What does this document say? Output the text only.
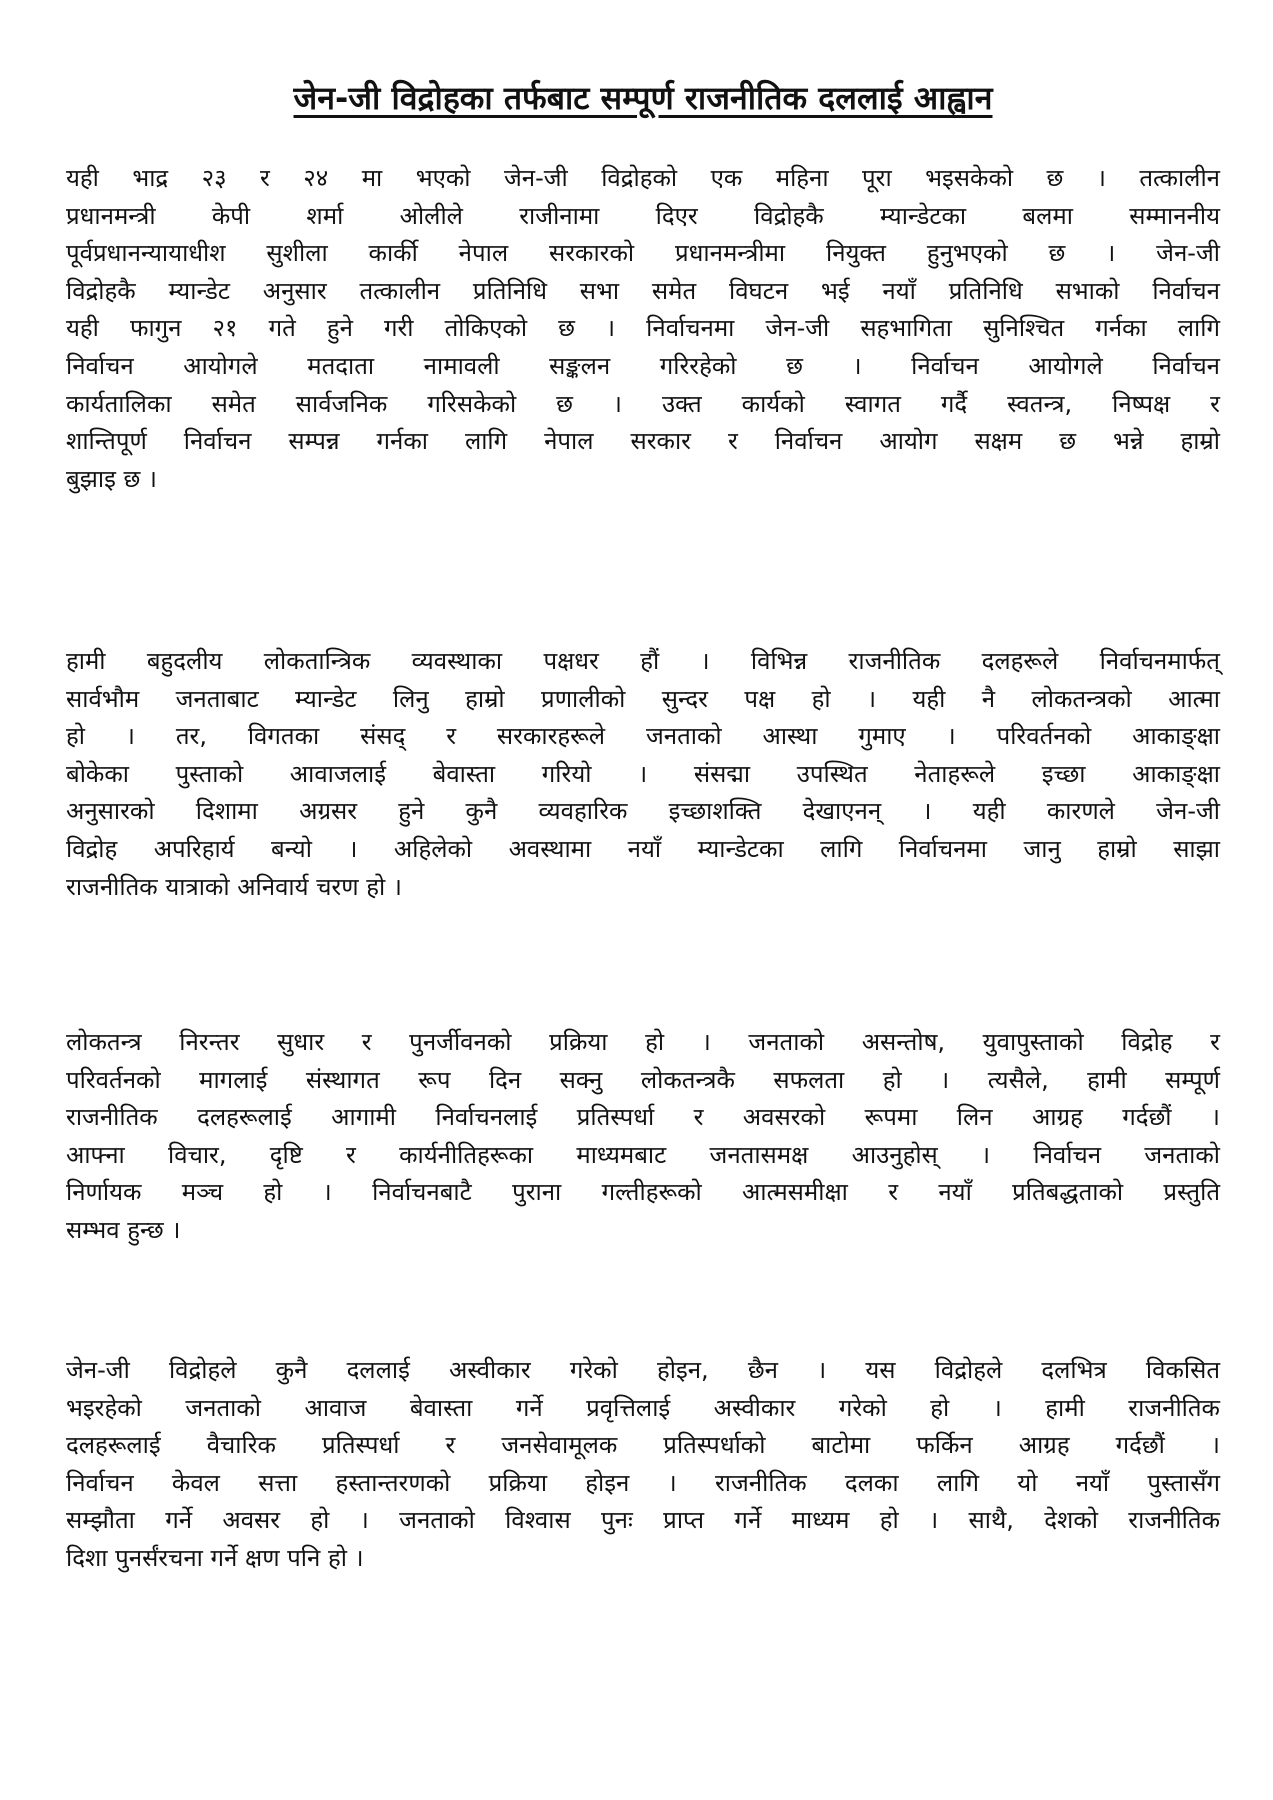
जेन-जी विद्रोहका तर्फबाट सम्पूर्ण राजनीतिक दललाई आह्वान

यही भाद्र २३ र २४ मा भएको जेन-जी विद्रोहको एक महिना पूरा भइसकेको छ । तत्कालीन
प्रधानमन्त्री केपी शर्मा ओलीले राजीनामा दिएर विद्रोहकै म्यान्डेटका बलमा सम्माननीय
पूर्वप्रधानन्यायाधीश सुशीला कार्की नेपाल सरकारको प्रधानमन्त्रीमा नियुक्त हुनुभएको छ । जेन-जी
विद्रोहकै म्यान्डेट अनुसार तत्कालीन प्रतिनिधि सभा समेत विघटन भई नयाँ प्रतिनिधि सभाको निर्वाचन
यही फागुन २१ गते हुने गरी तोकिएको छ । निर्वाचनमा जेन-जी सहभागिता सुनिश्चित गर्नका लागि
निर्वाचन आयोगले मतदाता नामावली सङ्कलन गरिरहेको छ । निर्वाचन आयोगले निर्वाचन
कार्यतालिका समेत सार्वजनिक गरिसकेको छ । उक्त कार्यको स्वागत गर्दै स्वतन्त्र, निष्पक्ष र
शान्तिपूर्ण निर्वाचन सम्पन्न गर्नका लागि नेपाल सरकार र निर्वाचन आयोग सक्षम छ भन्ने हाम्रो
बुझाइ छ ।

हामी बहुदलीय लोकतान्त्रिक व्यवस्थाका पक्षधर हौं । विभिन्न राजनीतिक दलहरूले निर्वाचनमार्फत्
सार्वभौम जनताबाट म्यान्डेट लिनु हाम्रो प्रणालीको सुन्दर पक्ष हो । यही नै लोकतन्त्रको आत्मा
हो । तर, विगतका संसद् र सरकारहरूले जनताको आस्था गुमाए । परिवर्तनको आकाङ्क्षा
बोकेका पुस्ताको आवाजलाई बेवास्ता गरियो । संसद्मा उपस्थित नेताहरूले इच्छा आकाङ्क्षा
अनुसारको दिशामा अग्रसर हुने कुनै व्यवहारिक इच्छाशक्ति देखाएनन् । यही कारणले जेन-जी
विद्रोह अपरिहार्य बन्यो । अहिलेको अवस्थामा नयाँ म्यान्डेटका लागि निर्वाचनमा जानु हाम्रो साझा
राजनीतिक यात्राको अनिवार्य चरण हो ।

लोकतन्त्र निरन्तर सुधार र पुनर्जीवनको प्रक्रिया हो । जनताको असन्तोष, युवापुस्ताको विद्रोह र
परिवर्तनको मागलाई संस्थागत रूप दिन सक्नु लोकतन्त्रकै सफलता हो । त्यसैले, हामी सम्पूर्ण
राजनीतिक दलहरूलाई आगामी निर्वाचनलाई प्रतिस्पर्धा र अवसरको रूपमा लिन आग्रह गर्दछौं ।
आफ्ना विचार, दृष्टि र कार्यनीतिहरूका माध्यमबाट जनतासमक्ष आउनुहोस् । निर्वाचन जनताको
निर्णायक मञ्च हो । निर्वाचनबाटै पुराना गल्तीहरूको आत्मसमीक्षा र नयाँ प्रतिबद्धताको प्रस्तुति
सम्भव हुन्छ ।

जेन-जी विद्रोहले कुनै दललाई अस्वीकार गरेको होइन, छैन । यस विद्रोहले दलभित्र विकसित
भइरहेको जनताको आवाज बेवास्ता गर्ने प्रवृत्तिलाई अस्वीकार गरेको हो । हामी राजनीतिक
दलहरूलाई वैचारिक प्रतिस्पर्धा र जनसेवामूलक प्रतिस्पर्धाको बाटोमा फर्किन आग्रह गर्दछौं ।
निर्वाचन केवल सत्ता हस्तान्तरणको प्रक्रिया होइन । राजनीतिक दलका लागि यो नयाँ पुस्तासँग
सम्झौता गर्ने अवसर हो । जनताको विश्वास पुनः प्राप्त गर्ने माध्यम हो । साथै, देशको राजनीतिक
दिशा पुनर्संरचना गर्ने क्षण पनि हो ।
